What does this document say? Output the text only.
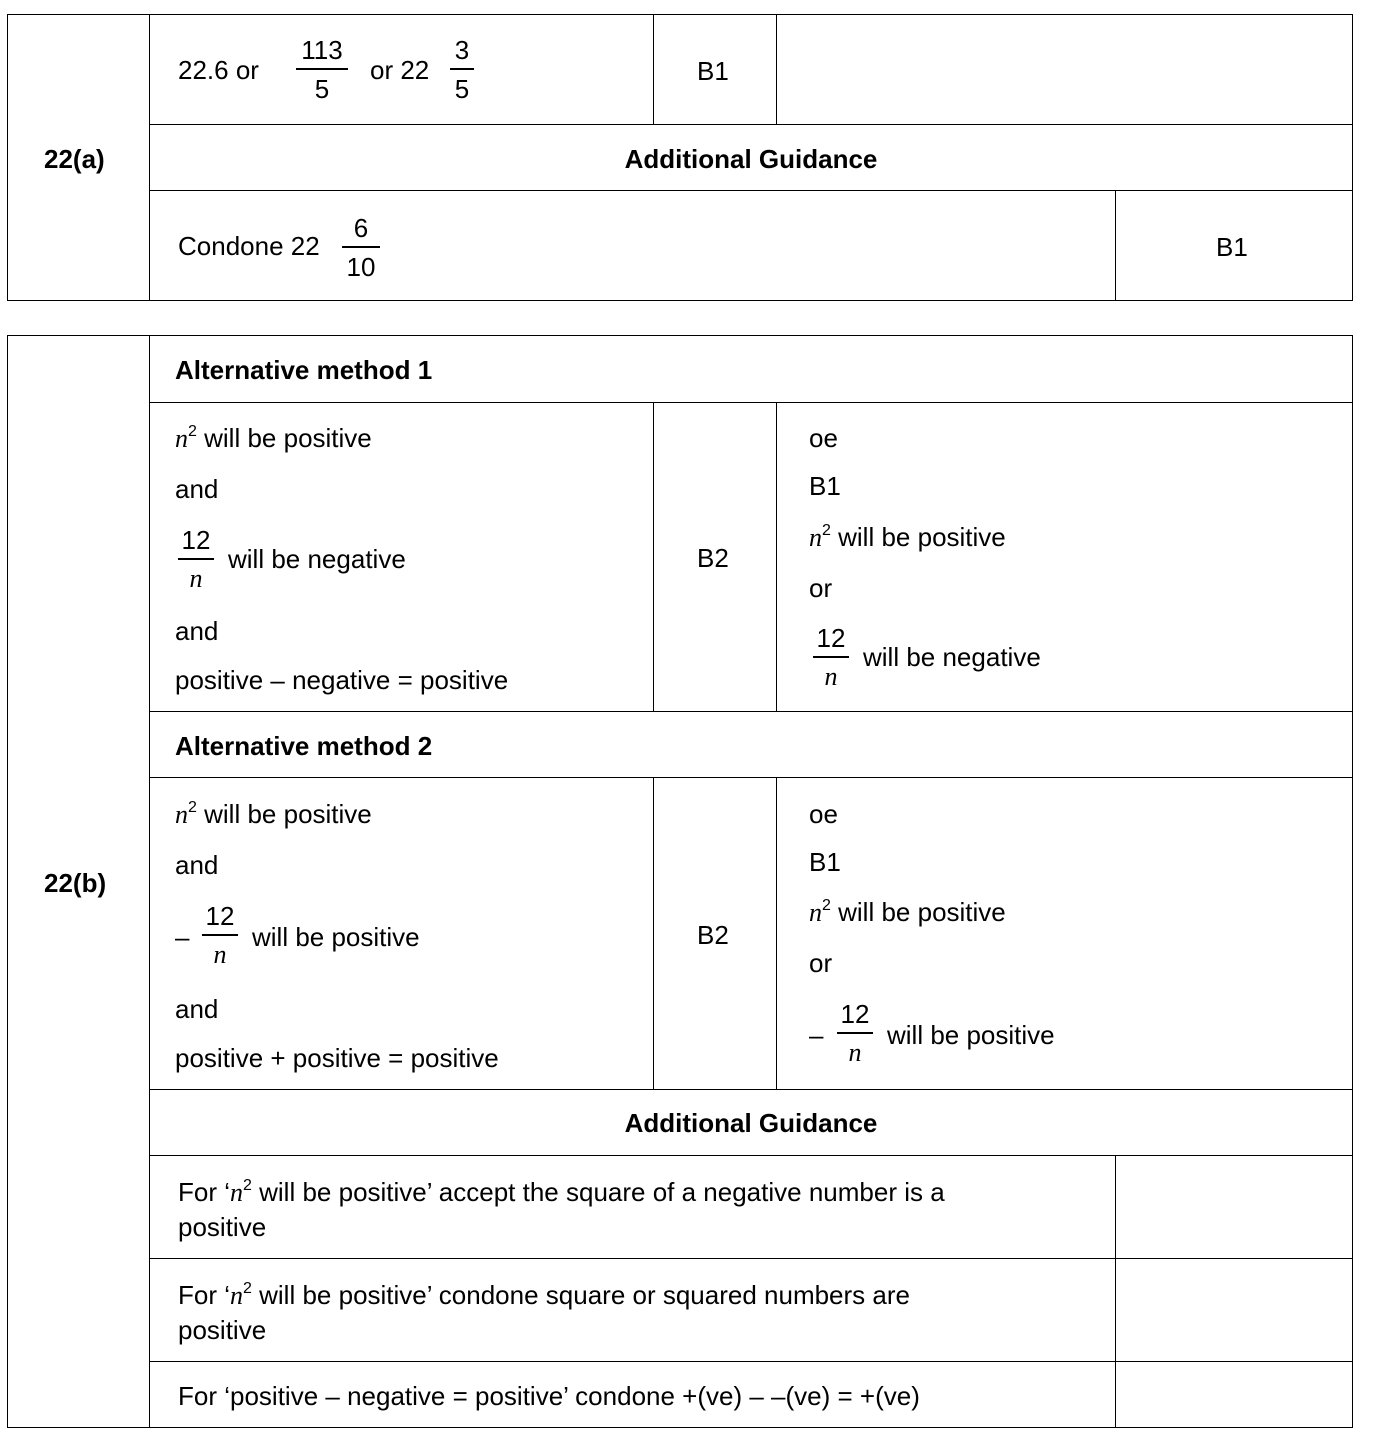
22(a)
22.6 or
113
5
or 22
3
5
B1
Additional Guidance
Condone 22
6
10
B1
22(b)
Alternative method 1
$n^2$ will be positive
and
12
n
will be negative
and
positive – negative = positive
B2
oe
B1
$n^2$ will be positive
or
12
n
will be negative
Alternative method 2
$n^2$ will be positive
and
–
12
n
will be positive
and
positive + positive = positive
B2
oe
B1
$n^2$ will be positive
or
–
12
n
will be positive
Additional Guidance
For ‘$n^2$ will be positive’ accept the square of a negative number is a
positive
For ‘$n^2$ will be positive’ condone square or squared numbers are
positive
For ‘positive – negative = positive’ condone +(ve) – –(ve) = +(ve)
